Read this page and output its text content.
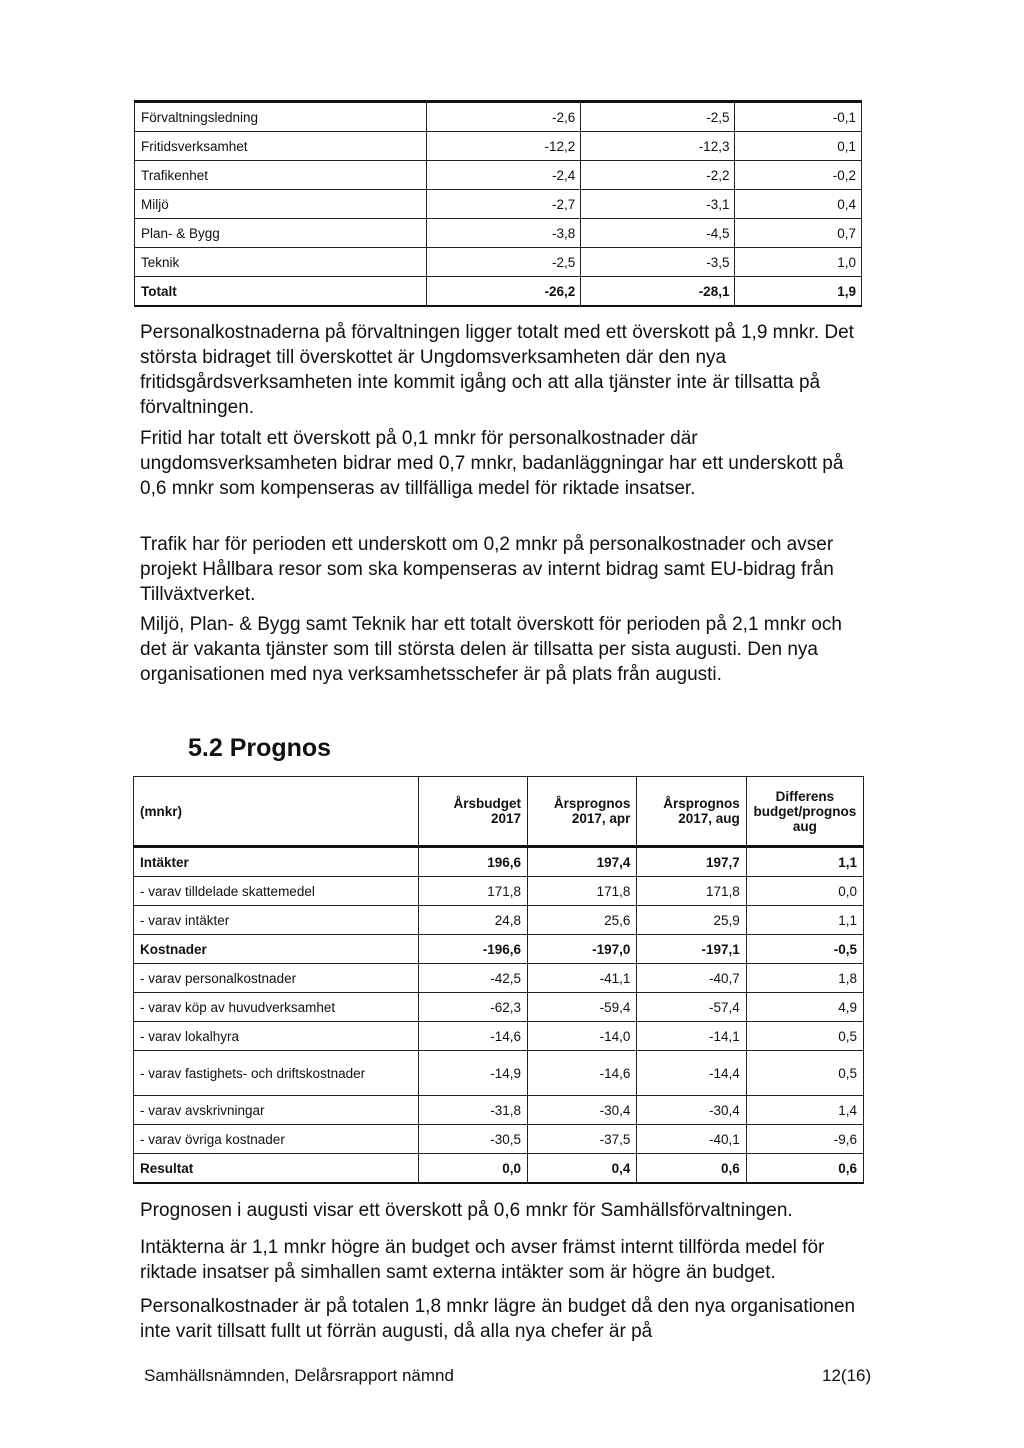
Förvaltningsledning	-2,6	-2,5	-0,1
Fritidsverksamhet	-12,2	-12,3	0,1
Trafikenhet	-2,4	-2,2	-0,2
Miljö	-2,7	-3,1	0,4
Plan- & Bygg	-3,8	-4,5	0,7
Teknik	-2,5	-3,5	1,0
Totalt	-26,2	-28,1	1,9

Personalkostnaderna på förvaltningen ligger totalt med ett överskott på 1,9 mnkr. Det största bidraget till överskottet är Ungdomsverksamheten där den nya fritidsgårdsverksamheten inte kommit igång och att alla tjänster inte är tillsatta på förvaltningen.

Fritid har totalt ett överskott på 0,1 mnkr för personalkostnader där ungdomsverksamheten bidrar med 0,7 mnkr, badanläggningar har ett underskott på 0,6 mnkr som kompenseras av tillfälliga medel för riktade insatser.

Trafik har för perioden ett underskott om 0,2 mnkr på personalkostnader och avser projekt Hållbara resor som ska kompenseras av internt bidrag samt EU-bidrag från Tillväxtverket.

Miljö, Plan- & Bygg samt Teknik har ett totalt överskott för perioden på 2,1 mnkr och det är vakanta tjänster som till största delen är tillsatta per sista augusti. Den nya organisationen med nya verksamhetsschefer är på plats från augusti.

5.2 Prognos
(mnkr)	Årsbudget 2017	Årsprognos 2017, apr	Årsprognos 2017, aug	Differens budget/prognos aug
Intäkter	196,6	197,4	197,7	1,1
- varav tilldelade skattemedel	171,8	171,8	171,8	0,0
- varav intäkter	24,8	25,6	25,9	1,1
Kostnader	-196,6	-197,0	-197,1	-0,5
- varav personalkostnader	-42,5	-41,1	-40,7	1,8
- varav köp av huvudverksamhet	-62,3	-59,4	-57,4	4,9
- varav lokalhyra	-14,6	-14,0	-14,1	0,5
- varav fastighets- och driftskostnader	-14,9	-14,6	-14,4	0,5
- varav avskrivningar	-31,8	-30,4	-30,4	1,4
- varav övriga kostnader	-30,5	-37,5	-40,1	-9,6
Resultat	0,0	0,4	0,6	0,6

Prognosen i augusti visar ett överskott på 0,6 mnkr för Samhällsförvaltningen.

Intäkterna är 1,1 mnkr högre än budget och avser främst internt tillförda medel för riktade insatser på simhallen samt externa intäkter som är högre än budget.

Personalkostnader är på totalen 1,8 mnkr lägre än budget då den nya organisationen inte varit tillsatt fullt ut förrän augusti, då alla nya chefer är på

Samhällsnämnden, Delårsrapport nämnd	12(16)
